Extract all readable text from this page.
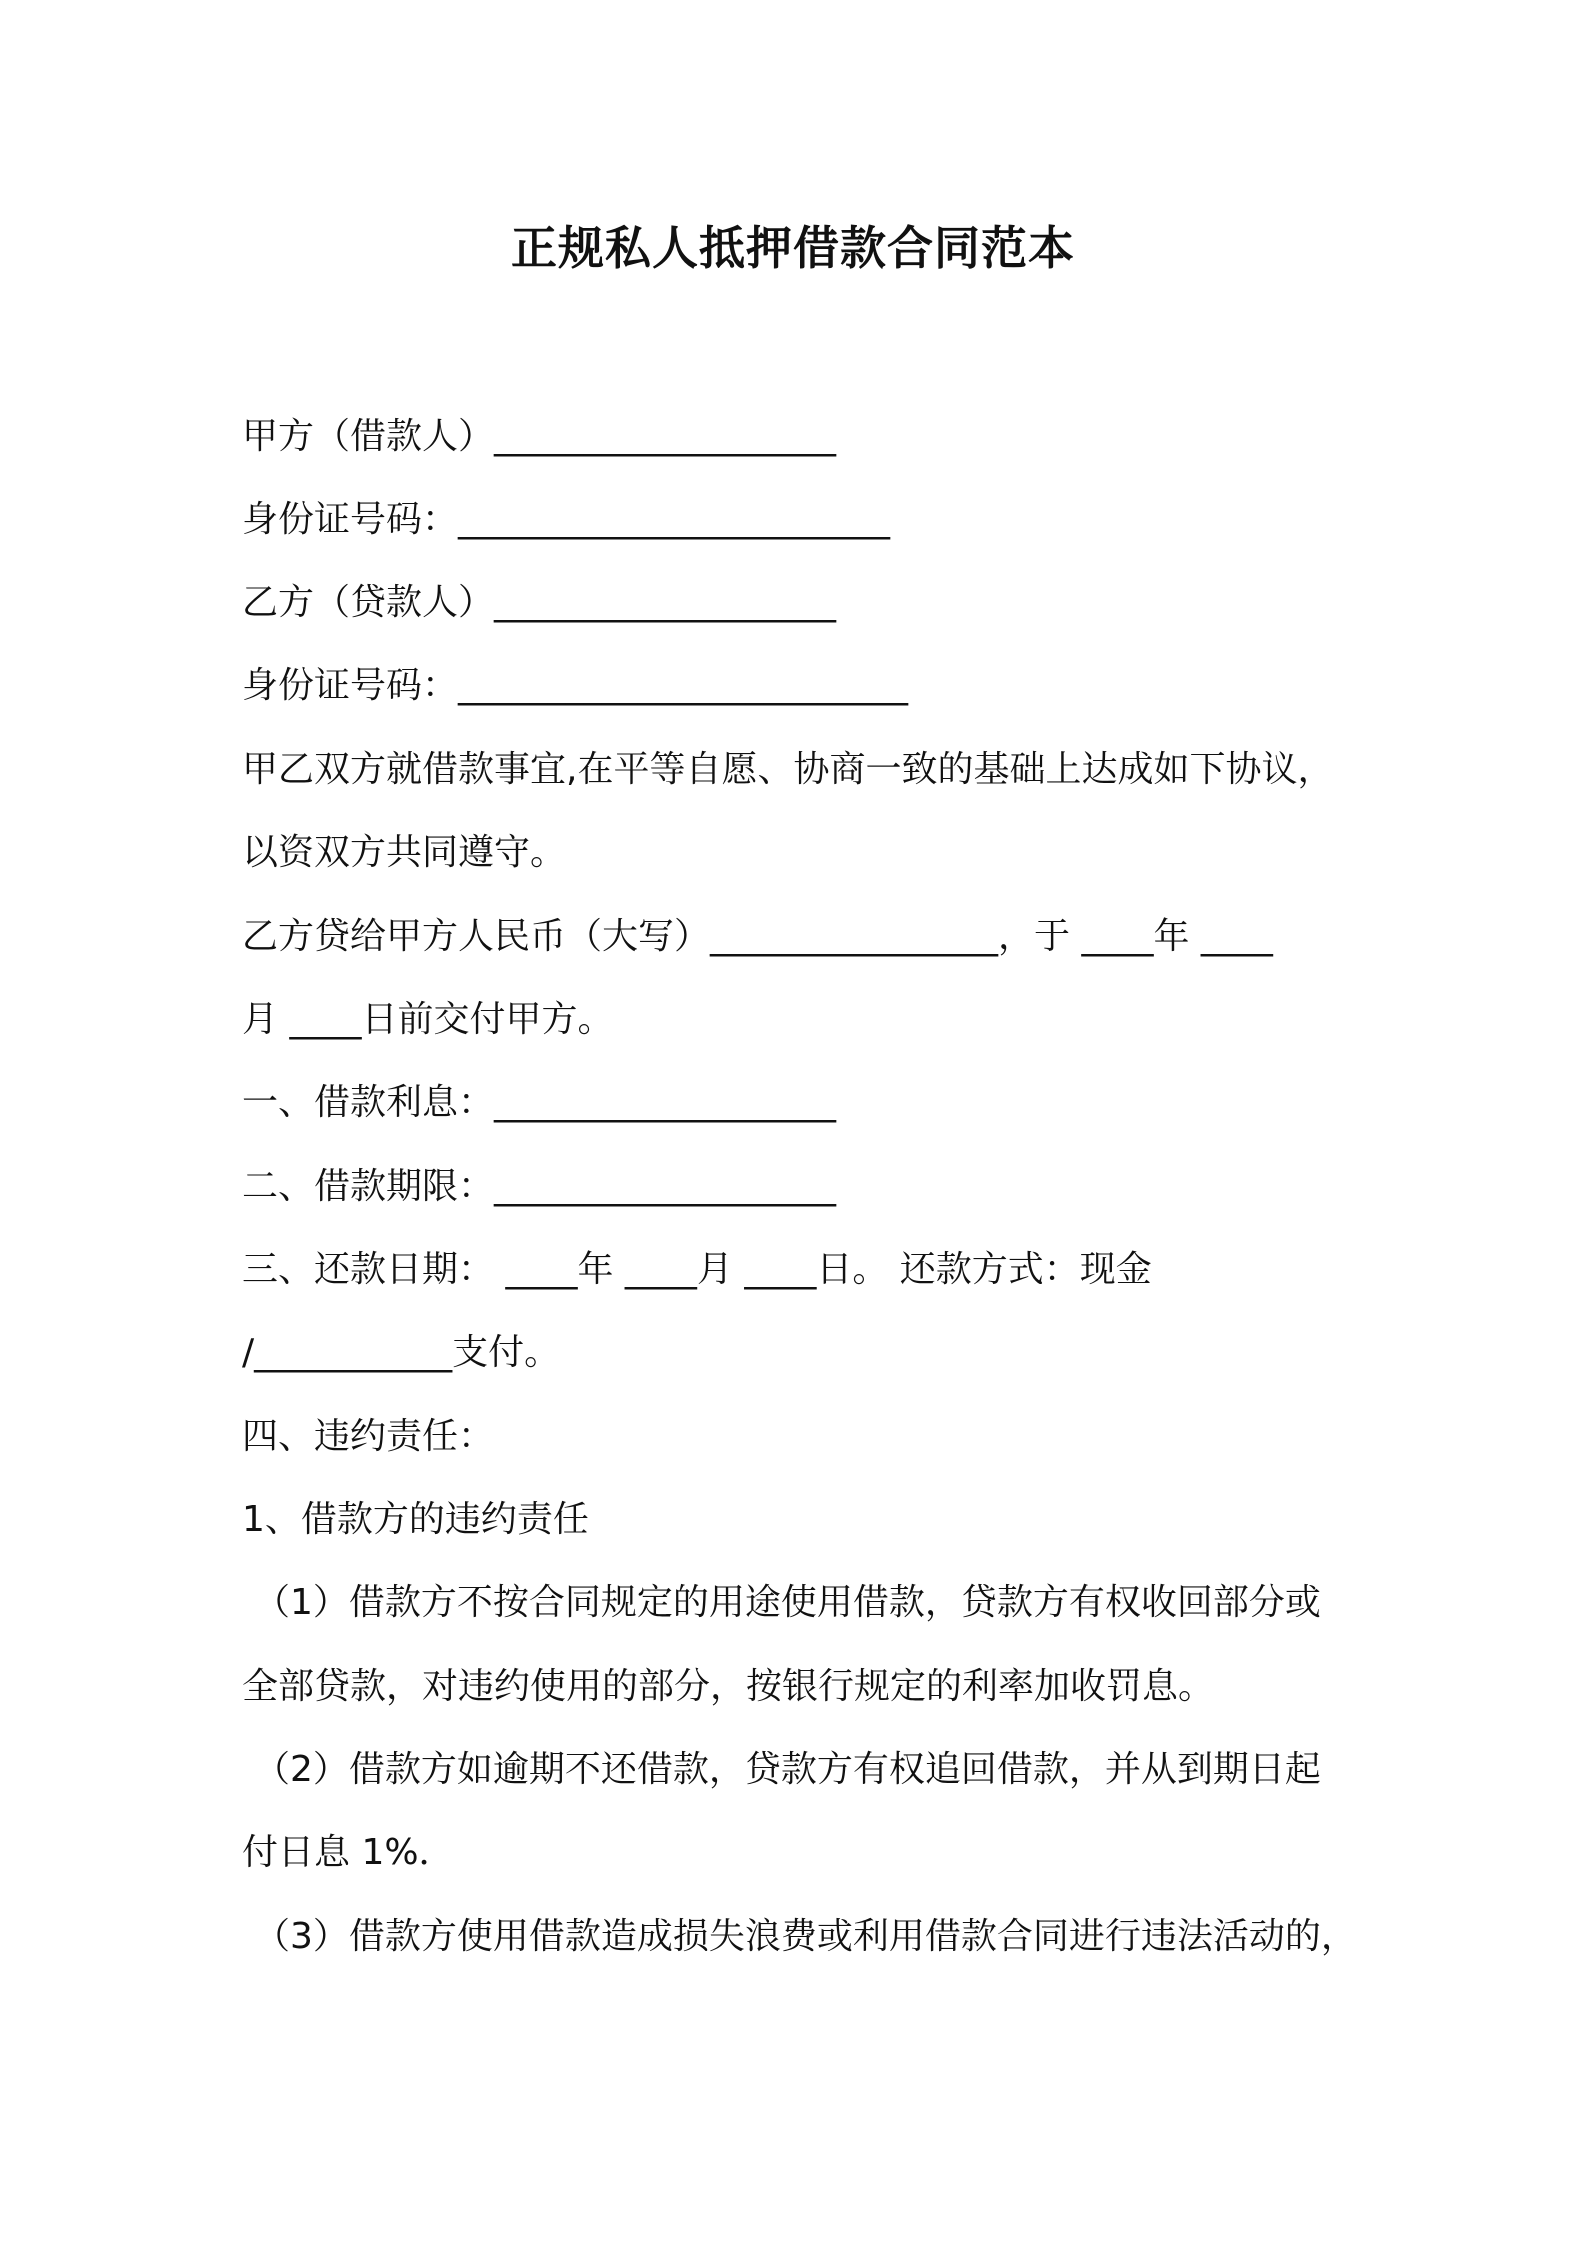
正规私人抵押借款合同范本
甲方（借款人）___________________
身份证号码：________________________
乙方（贷款人）___________________
身份证号码：_________________________
甲乙双方就借款事宜,在平等自愿、协商一致的基础上达成如下协议，
以资双方共同遵守。
乙方贷给甲方人民币（大写）________________，于 ____年 ____
月 ____日前交付甲方。
一、借款利息：___________________
二、借款期限：___________________
三、还款日期： ____年 ____月 ____日。 还款方式：现金
/___________支付。
四、违约责任：
1、借款方的违约责任
（1）借款方不按合同规定的用途使用借款，贷款方有权收回部分或
全部贷款，对违约使用的部分，按银行规定的利率加收罚息。
（2）借款方如逾期不还借款，贷款方有权追回借款，并从到期日起
付日息 1%．
（3）借款方使用借款造成损失浪费或利用借款合同进行违法活动的，
